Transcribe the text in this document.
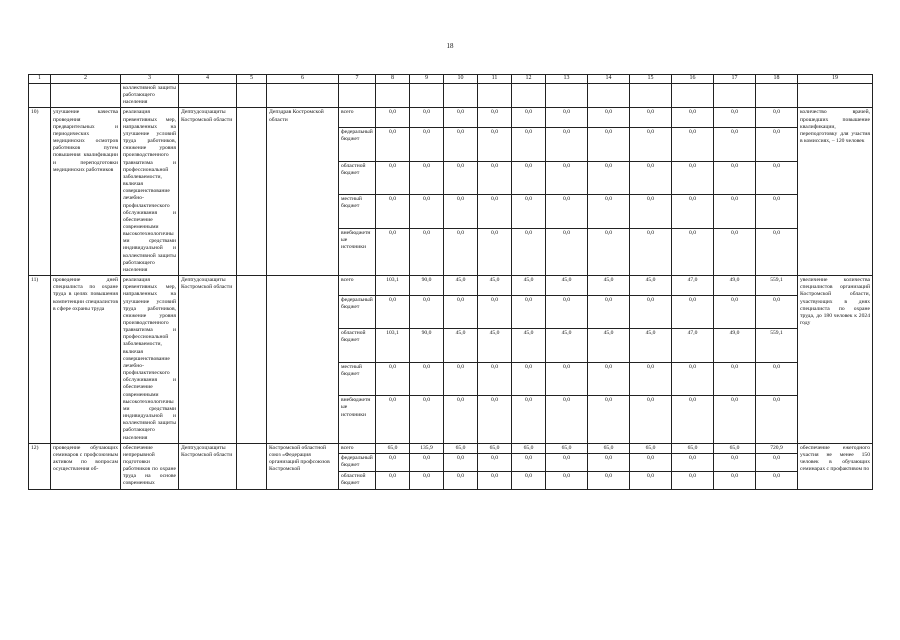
18
1	2	3	4	5	6	7	8	9	10	11	12	13	14	15	16	17	18	19
		коллективной защиты работающего населения																
10)	улучшение качества проведения предварительных и периодических медицинских осмотров работников путем повышения квалификации и переподготовки медицинских работников	реализация превентивных мер, направленных на улучшение условий труда работников, снижение уровня производственного травматизма и профессиональной заболеваемости, включая совершенствование лечебно-профилактического обслуживания и обеспечение современными высокотехнологичными средствами индивидуальной и коллективной защиты работающего населения	Депtrудсоцзащиты Костромской области		Депздрав Костромской области	всего	0,0	0,0	0,0	0,0	0,0	0,0	0,0	0,0	0,0	0,0	0,0	количество врачей, прошедших повышение квалификации, переподготовку для участия в комиссиях, – 120 человек
						федеральный бюджет	0,0	0,0	0,0	0,0	0,0	0,0	0,0	0,0	0,0	0,0	0,0	
						областной бюджет	0,0	0,0	0,0	0,0	0,0	0,0	0,0	0,0	0,0	0,0	0,0	
						местный бюджет	0,0	0,0	0,0	0,0	0,0	0,0	0,0	0,0	0,0	0,0	0,0	
						внебюджетные источники	0,0	0,0	0,0	0,0	0,0	0,0	0,0	0,0	0,0	0,0	0,0	
11)	проведение дней специалиста по охране труда в целях повышения компетенции специалистов в сфере охраны труда	реализация превентивных мер, направленных на улучшение условий труда работников, снижение уровня производственного травматизма и профессиональной заболеваемости, включая совершенствование лечебно-профилактического обслуживания и обеспечение современными высокотехнологичными средствами индивидуальной и коллективной защиты работающего населения	Депtrудсоцзащиты Костромской области			всего	103,1	90,0	45,0	45,0	45,0	45,0	45,0	45,0	47,0	49,0	559,1	увеличение количества специалистов организаций Костромской области, участвующих в днях специалиста по охране труда, до 180 человек к 2024 году
						федеральный бюджет	0,0	0,0	0,0	0,0	0,0	0,0	0,0	0,0	0,0	0,0	0,0	
						областной бюджет	103,1	90,0	45,0	45,0	45,0	45,0	45,0	45,0	47,0	49,0	559,1	
						местный бюджет	0,0	0,0	0,0	0,0	0,0	0,0	0,0	0,0	0,0	0,0	0,0	
						внебюджетные источники	0,0	0,0	0,0	0,0	0,0	0,0	0,0	0,0	0,0	0,0	0,0	
12)	проведение обучающих семинаров с профсоюзным активом по вопросам осуществления об-	обеспечение непрерывной подготовки работников по охране труда на основе современных	Депtrудсоцзащиты Костромской области		Костромской областной союз «Федерация организаций профсоюзов Костромской	всего	65,0	135,9	65,0	65,0	65,0	65,0	65,0	65,0	65,0	65,0	720,9	обеспечение ежегодного участия не менее 150 человек в обучающих семинарах с профактивом по
						федеральный бюджет	0,0	0,0	0,0	0,0	0,0	0,0	0,0	0,0	0,0	0,0	0,0	
						областной бюджет	0,0	0,0	0,0	0,0	0,0	0,0	0,0	0,0	0,0	0,0	0,0	
